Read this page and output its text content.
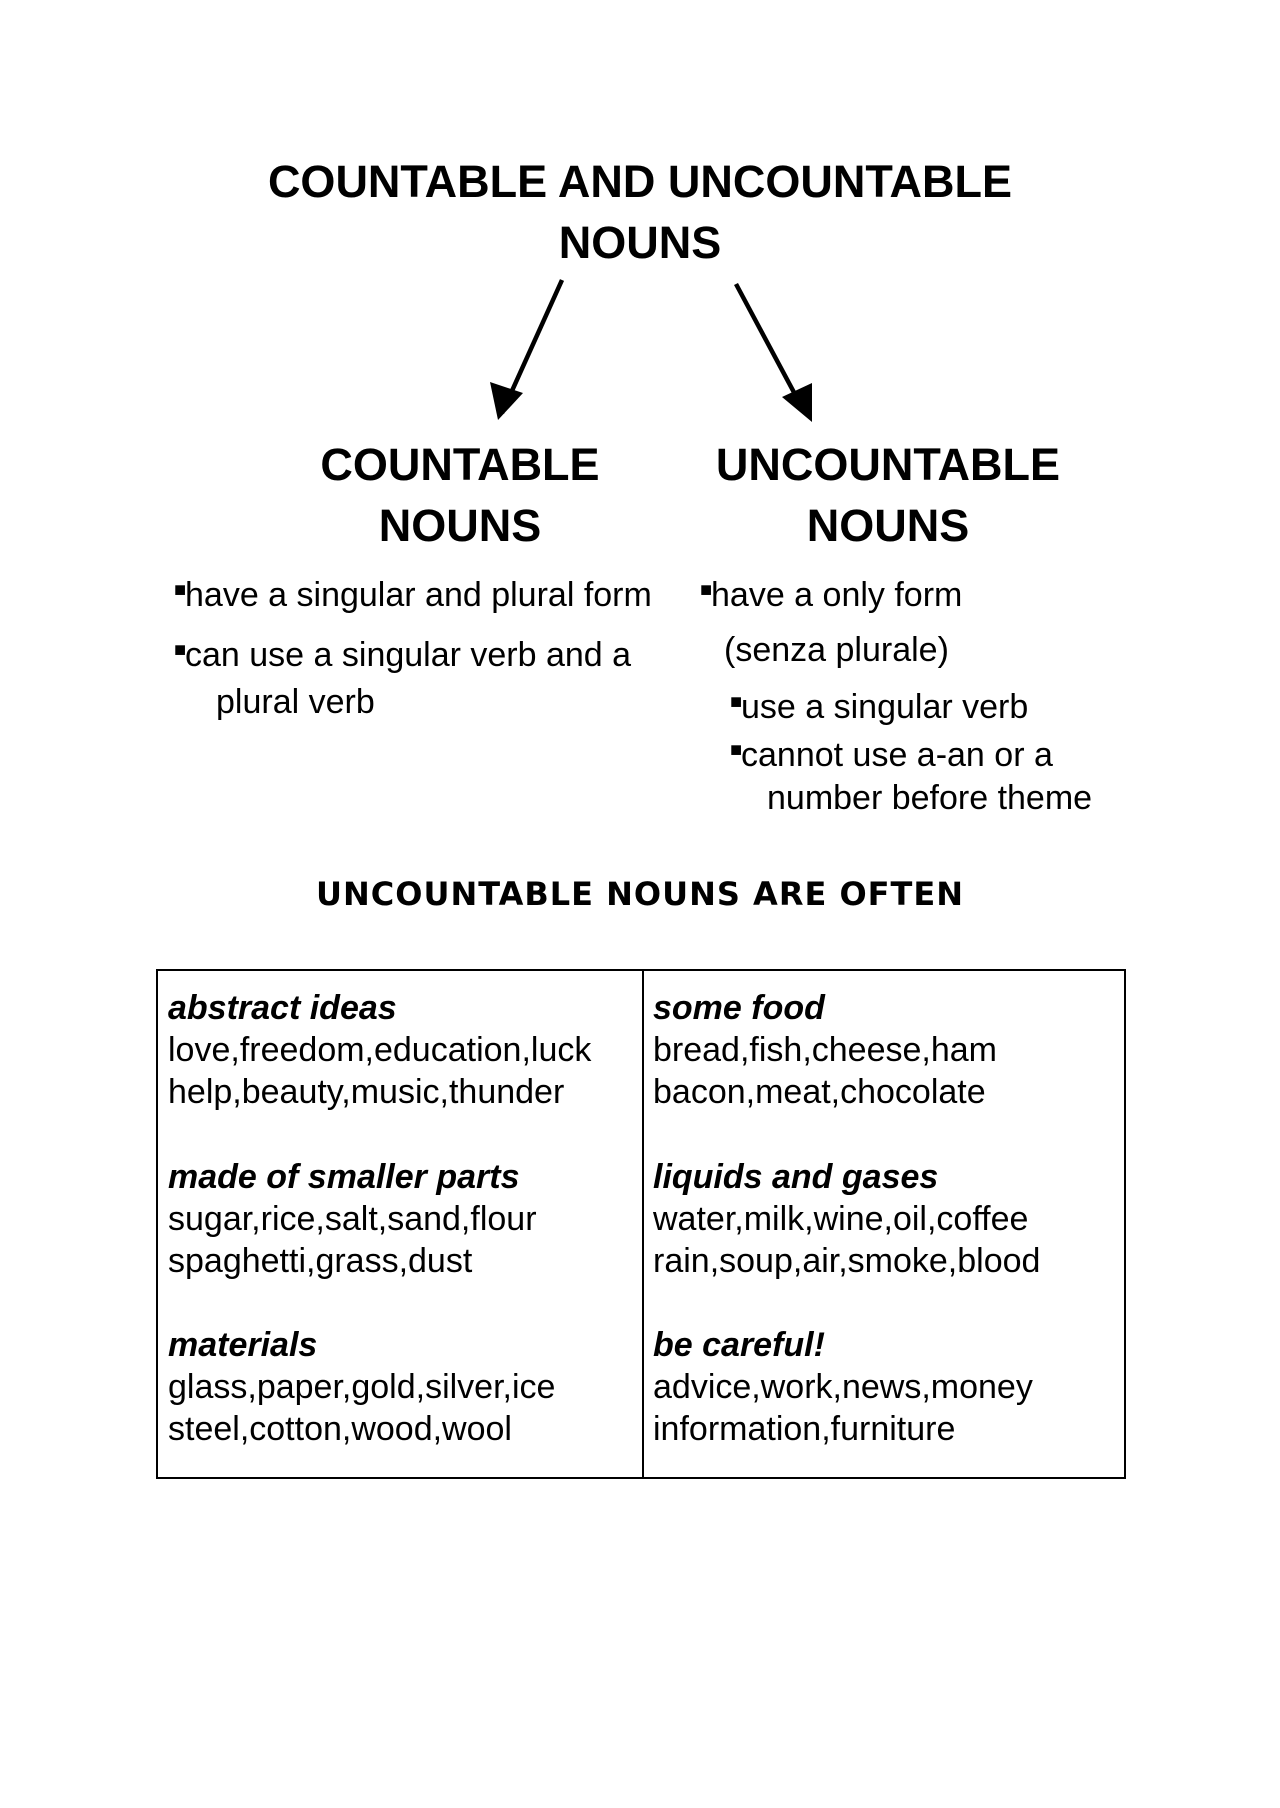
COUNTABLE AND UNCOUNTABLE
NOUNS
COUNTABLE
NOUNS
UNCOUNTABLE
NOUNS
■have a singular and plural form
■can use a singular verb and a
plural verb
■have a only form
(senza plurale)
■use a singular verb
■cannot use a-an or a
number before theme
UNCOUNTABLE NOUNS ARE OFTEN
abstract ideas
love,freedom,education,luck
help,beauty,music,thunder
made of smaller parts
sugar,rice,salt,sand,flour
spaghetti,grass,dust
materials
glass,paper,gold,silver,ice
steel,cotton,wood,wool
some food
bread,fish,cheese,ham
bacon,meat,chocolate
liquids and gases
water,milk,wine,oil,coffee
rain,soup,air,smoke,blood
be careful!
advice,work,news,money
information,furniture
